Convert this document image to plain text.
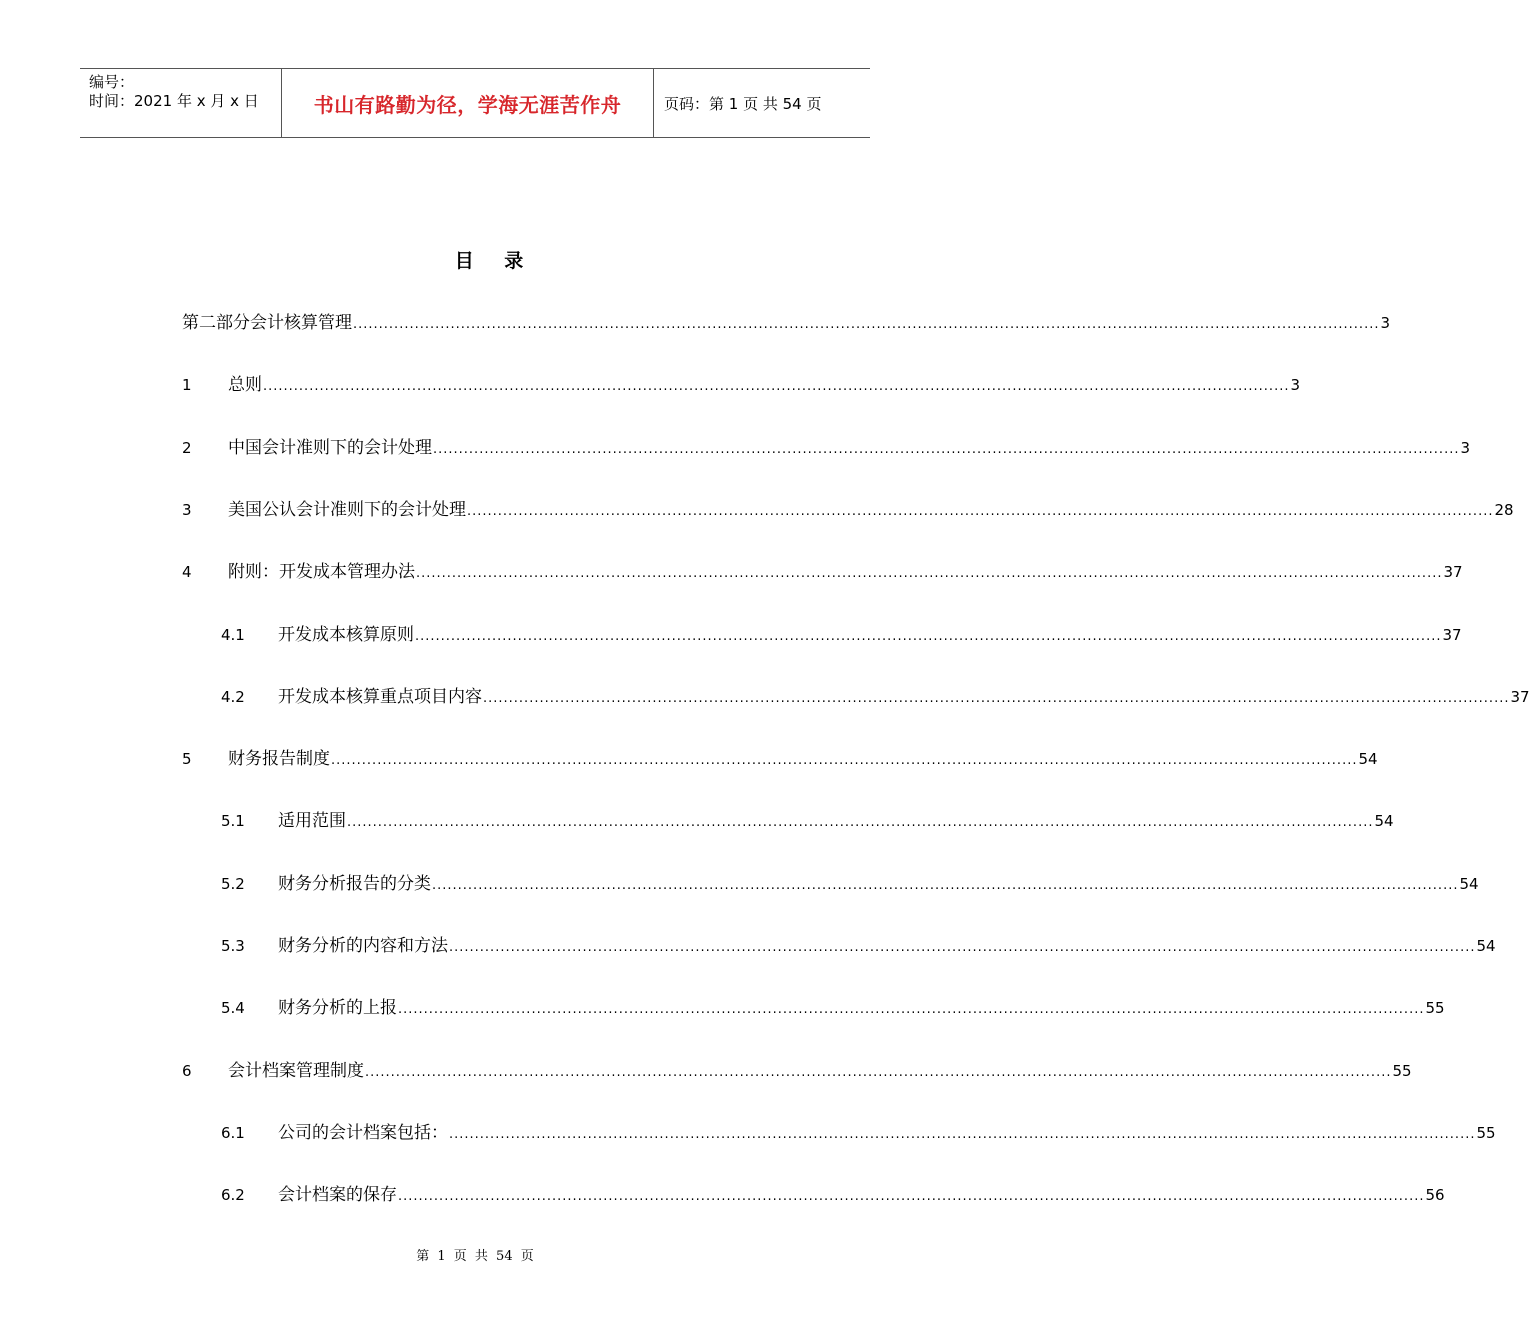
编号：
时间：2021 年 x 月 x 日	书山有路勤为径，学海无涯苦作舟	页码：第 1 页 共 54 页
目 录
第二部分会计核算管理 ........................................................................................................................................................................................................ 3
1 总则 ........................................................................................................................................................................................................ 3
2 中国会计准则下的会计处理 ........................................................................................................................................................................................................ 3
3 美国公认会计准则下的会计处理 ........................................................................................................................................................................................................ 28
4 附则：开发成本管理办法 ........................................................................................................................................................................................................ 37
4.1 开发成本核算原则 ........................................................................................................................................................................................................ 37
4.2 开发成本核算重点项目内容 ........................................................................................................................................................................................................ 37
5 财务报告制度 ........................................................................................................................................................................................................ 54
5.1 适用范围 ........................................................................................................................................................................................................ 54
5.2 财务分析报告的分类 ........................................................................................................................................................................................................ 54
5.3 财务分析的内容和方法 ........................................................................................................................................................................................................ 54
5.4 财务分析的上报 ........................................................................................................................................................................................................ 55
6 会计档案管理制度 ........................................................................................................................................................................................................ 55
6.1 公司的会计档案包括： ........................................................................................................................................................................................................ 55
6.2 会计档案的保存 ........................................................................................................................................................................................................ 56
第 1 页 共 54 页
